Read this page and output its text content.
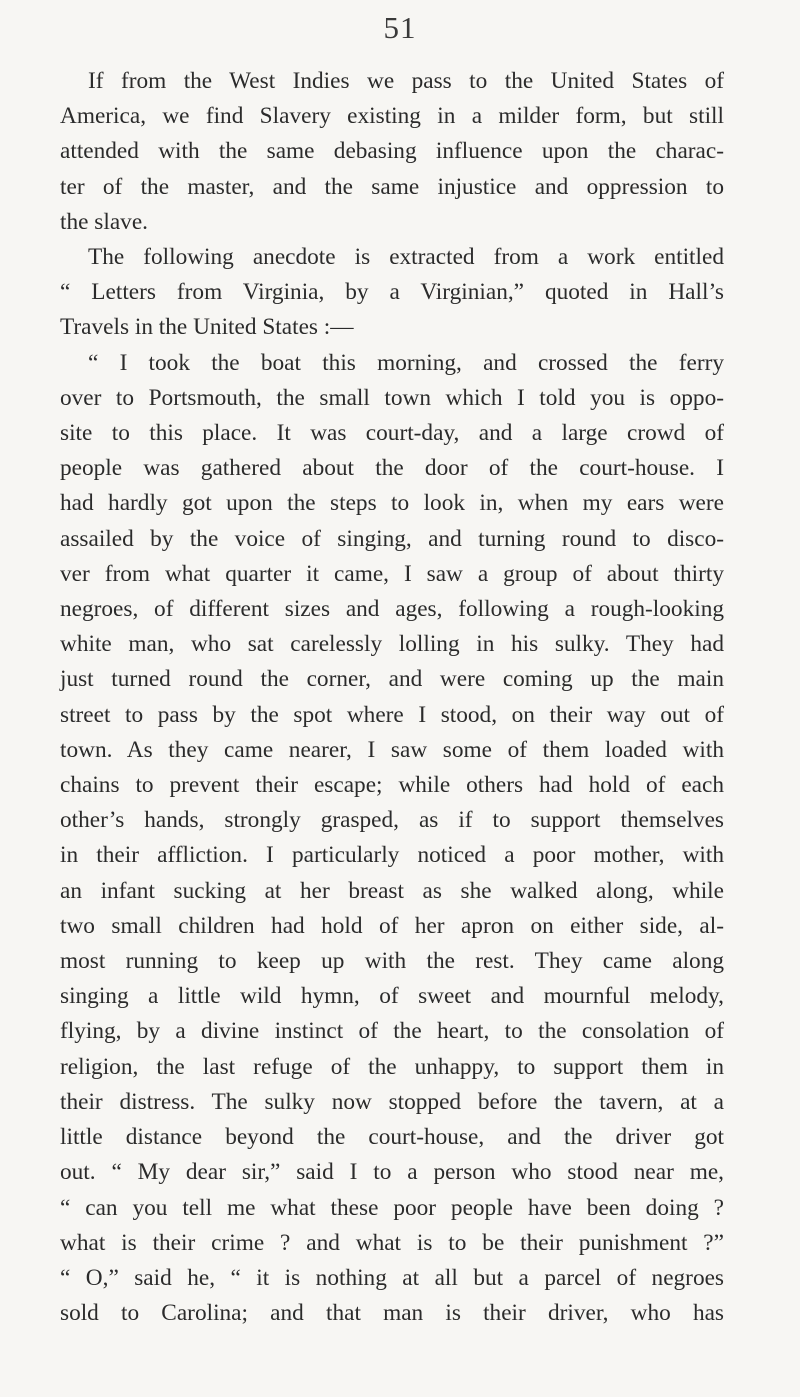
51
If from the West Indies we pass to the United States of
America, we find Slavery existing in a milder form, but still
attended with the same debasing influence upon the charac-
ter of the master, and the same injustice and oppression to
the slave.
The following anecdote is extracted from a work entitled
“ Letters from Virginia, by a Virginian,” quoted in Hall’s
Travels in the United States :—
“ I took the boat this morning, and crossed the ferry
over to Portsmouth, the small town which I told you is oppo-
site to this place. It was court-day, and a large crowd of
people was gathered about the door of the court-house. I
had hardly got upon the steps to look in, when my ears were
assailed by the voice of singing, and turning round to disco-
ver from what quarter it came, I saw a group of about thirty
negroes, of different sizes and ages, following a rough-looking
white man, who sat carelessly lolling in his sulky. They had
just turned round the corner, and were coming up the main
street to pass by the spot where I stood, on their way out of
town. As they came nearer, I saw some of them loaded with
chains to prevent their escape; while others had hold of each
other’s hands, strongly grasped, as if to support themselves
in their affliction. I particularly noticed a poor mother, with
an infant sucking at her breast as she walked along, while
two small children had hold of her apron on either side, al-
most running to keep up with the rest. They came along
singing a little wild hymn, of sweet and mournful melody,
flying, by a divine instinct of the heart, to the consolation of
religion, the last refuge of the unhappy, to support them in
their distress. The sulky now stopped before the tavern, at a
little distance beyond the court-house, and the driver got
out. “ My dear sir,” said I to a person who stood near me,
“ can you tell me what these poor people have been doing ?
what is their crime ? and what is to be their punishment ?”
“ O,” said he, “ it is nothing at all but a parcel of negroes
sold to Carolina; and that man is their driver, who has
